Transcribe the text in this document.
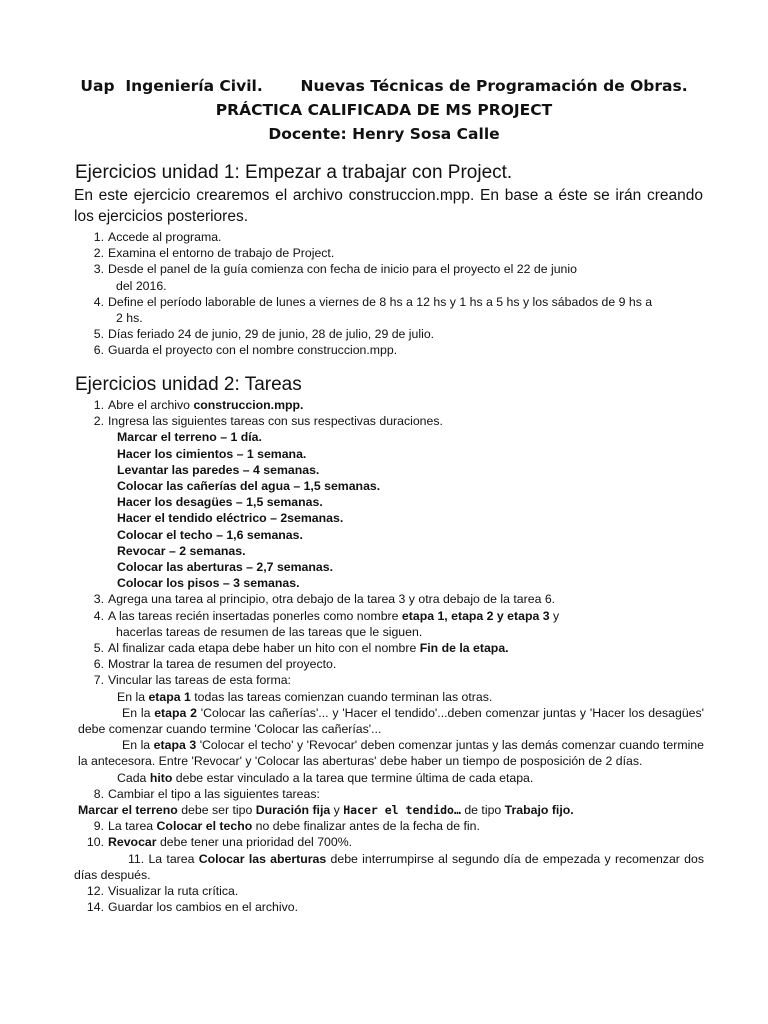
Uap  Ingeniería Civil. Nuevas Técnicas de Programación de Obras.
PRÁCTICA CALIFICADA DE MS PROJECT
Docente: Henry Sosa Calle
Ejercicios unidad 1: Empezar a trabajar con Project.
En este ejercicio crearemos el archivo construccion.mpp. En base a éste se irán creando los ejercicios posteriores.
1. Accede al programa.
2. Examina el entorno de trabajo de Project.
3. Desde el panel de la guía comienza con fecha de inicio para el proyecto el 22 de junio
del 2016.
4. Define el período laborable de lunes a viernes de 8 hs a 12 hs y 1 hs a 5 hs y los sábados de 9 hs a
2 hs.
5. Días feriado 24 de junio, 29 de junio, 28 de julio, 29 de julio.
6. Guarda el proyecto con el nombre construccion.mpp.
Ejercicios unidad 2: Tareas
1. Abre el archivo construccion.mpp.
2. Ingresa las siguientes tareas con sus respectivas duraciones.
Marcar el terreno – 1 día.
Hacer los cimientos – 1 semana.
Levantar las paredes – 4 semanas.
Colocar las cañerías del agua – 1,5 semanas.
Hacer los desagües – 1,5 semanas.
Hacer el tendido eléctrico – 2semanas.
Colocar el techo – 1,6 semanas.
Revocar – 2 semanas.
Colocar las aberturas – 2,7 semanas.
Colocar los pisos – 3 semanas.
3. Agrega una tarea al principio, otra debajo de la tarea 3 y otra debajo de la tarea 6.
4. A las tareas recién insertadas ponerles como nombre etapa 1, etapa 2 y etapa 3 y
hacerlas tareas de resumen de las tareas que le siguen.
5. Al finalizar cada etapa debe haber un hito con el nombre Fin de la etapa.
6. Mostrar la tarea de resumen del proyecto.
7. Vincular las tareas de esta forma:
En la etapa 1 todas las tareas comienzan cuando terminan las otras.
En la etapa 2 'Colocar las cañerías'... y 'Hacer el tendido'...deben comenzar juntas y 'Hacer los desagües' debe comenzar cuando termine 'Colocar las cañerías'...
En la etapa 3 'Colocar el techo' y 'Revocar' deben comenzar juntas y las demás comenzar cuando termine la antecesora. Entre 'Revocar' y 'Colocar las aberturas' debe haber un tiempo de posposición de 2 días.
Cada hito debe estar vinculado a la tarea que termine última de cada etapa.
8. Cambiar el tipo a las siguientes tareas:
Marcar el terreno debe ser tipo Duración fija y Hacer el tendido… de tipo Trabajo fijo.
9. La tarea Colocar el techo no debe finalizar antes de la fecha de fin.
10. Revocar debe tener una prioridad del 700%.
11. La tarea Colocar las aberturas debe interrumpirse al segundo día de empezada y recomenzar dos días después.
12. Visualizar la ruta crítica.
14. Guardar los cambios en el archivo.
